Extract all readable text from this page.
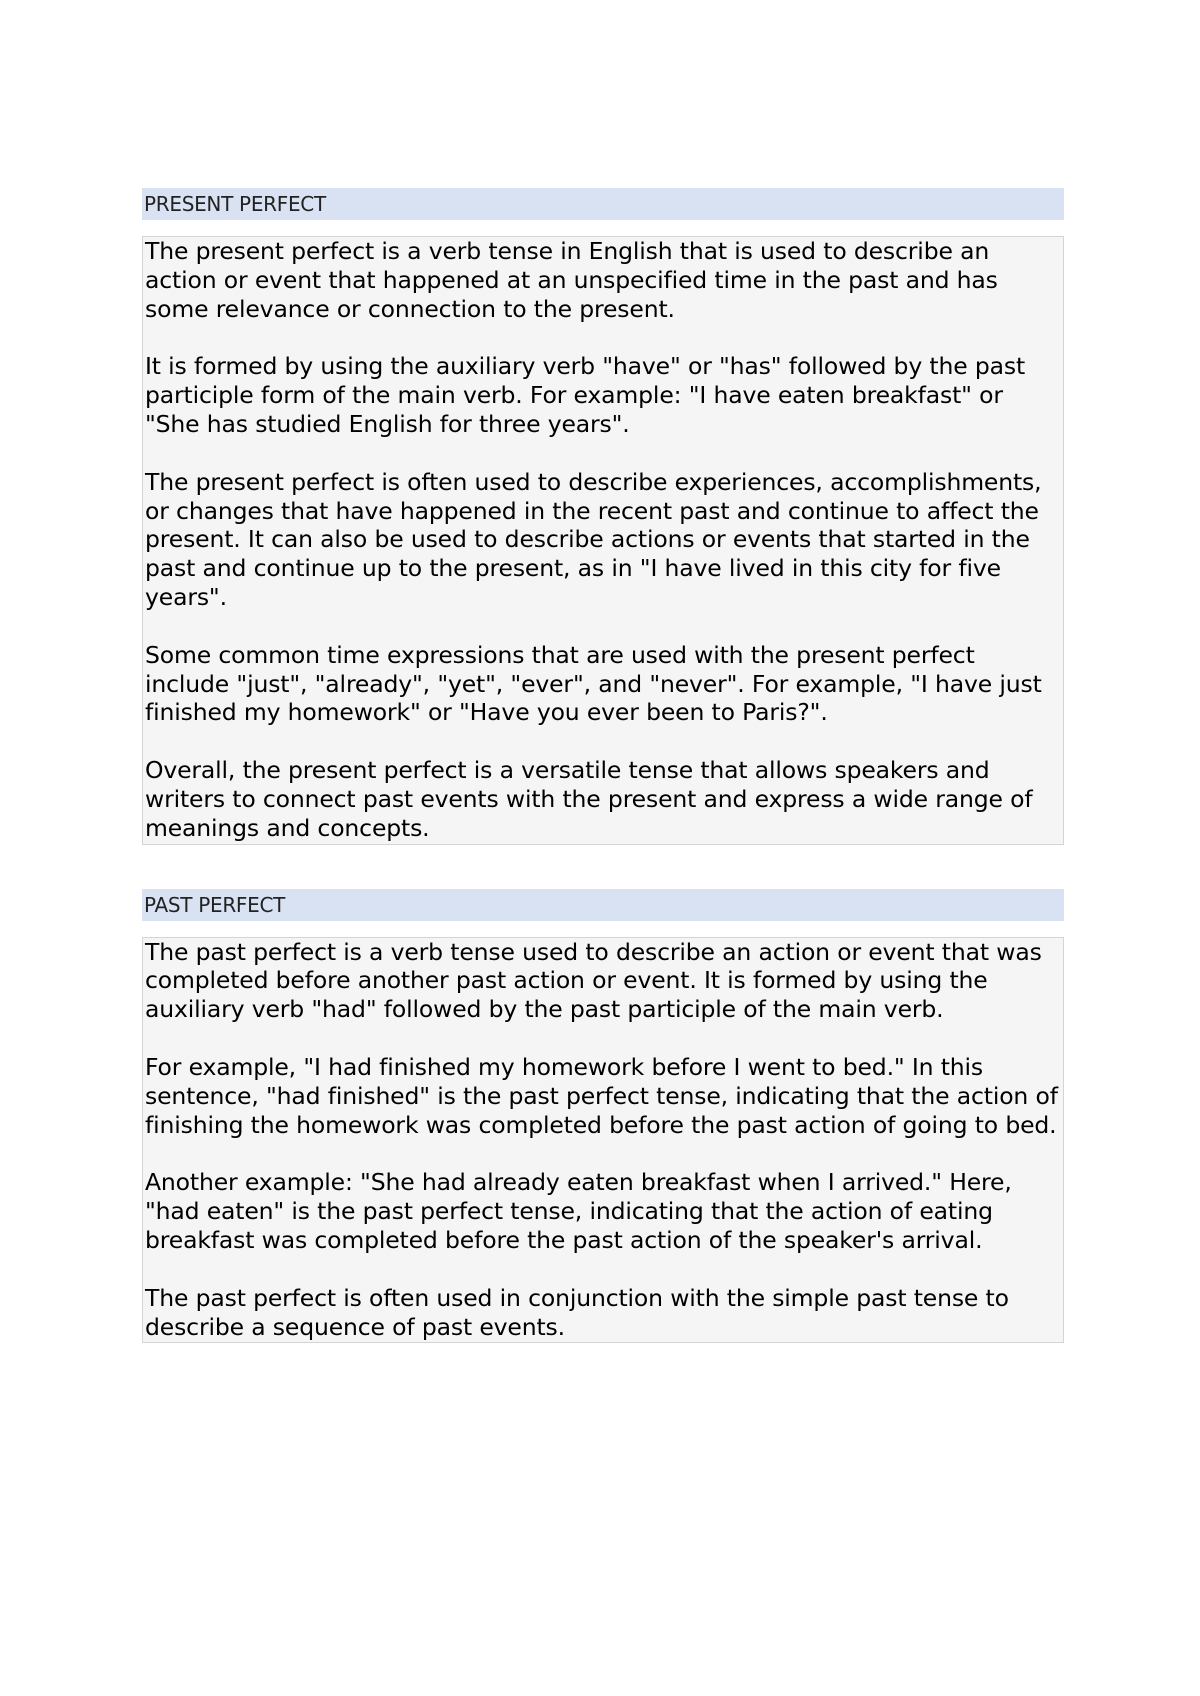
PRESENT PERFECT

The present perfect is a verb tense in English that is used to describe an action or event that happened at an unspecified time in the past and has some relevance or connection to the present.

It is formed by using the auxiliary verb "have" or "has" followed by the past participle form of the main verb. For example: "I have eaten breakfast" or "She has studied English for three years".

The present perfect is often used to describe experiences, accomplishments, or changes that have happened in the recent past and continue to affect the present. It can also be used to describe actions or events that started in the past and continue up to the present, as in "I have lived in this city for five years".

Some common time expressions that are used with the present perfect include "just", "already", "yet", "ever", and "never". For example, "I have just finished my homework" or "Have you ever been to Paris?".

Overall, the present perfect is a versatile tense that allows speakers and writers to connect past events with the present and express a wide range of meanings and concepts.

PAST PERFECT

The past perfect is a verb tense used to describe an action or event that was completed before another past action or event. It is formed by using the auxiliary verb "had" followed by the past participle of the main verb.

For example, "I had finished my homework before I went to bed." In this sentence, "had finished" is the past perfect tense, indicating that the action of finishing the homework was completed before the past action of going to bed.

Another example: "She had already eaten breakfast when I arrived." Here, "had eaten" is the past perfect tense, indicating that the action of eating breakfast was completed before the past action of the speaker's arrival.

The past perfect is often used in conjunction with the simple past tense to describe a sequence of past events.
